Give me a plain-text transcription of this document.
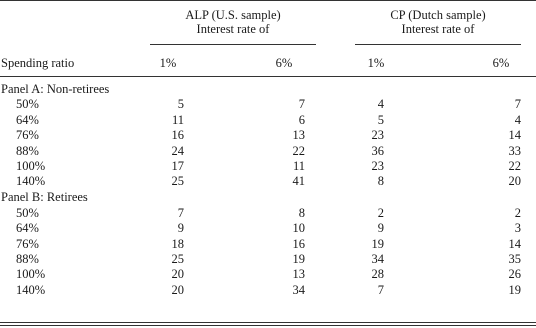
ALP (U.S. sample)
Interest rate of
CP (Dutch sample)
Interest rate of
Spending ratio	1%	6%	1%	6%
Panel A: Non-retirees
50%	5	7	4	7
64%	11	6	5	4
76%	16	13	23	14
88%	24	22	36	33
100%	17	11	23	22
140%	25	41	8	20
Panel B: Retirees
50%	7	8	2	2
64%	9	10	9	3
76%	18	16	19	14
88%	25	19	34	35
100%	20	13	28	26
140%	20	34	7	19
